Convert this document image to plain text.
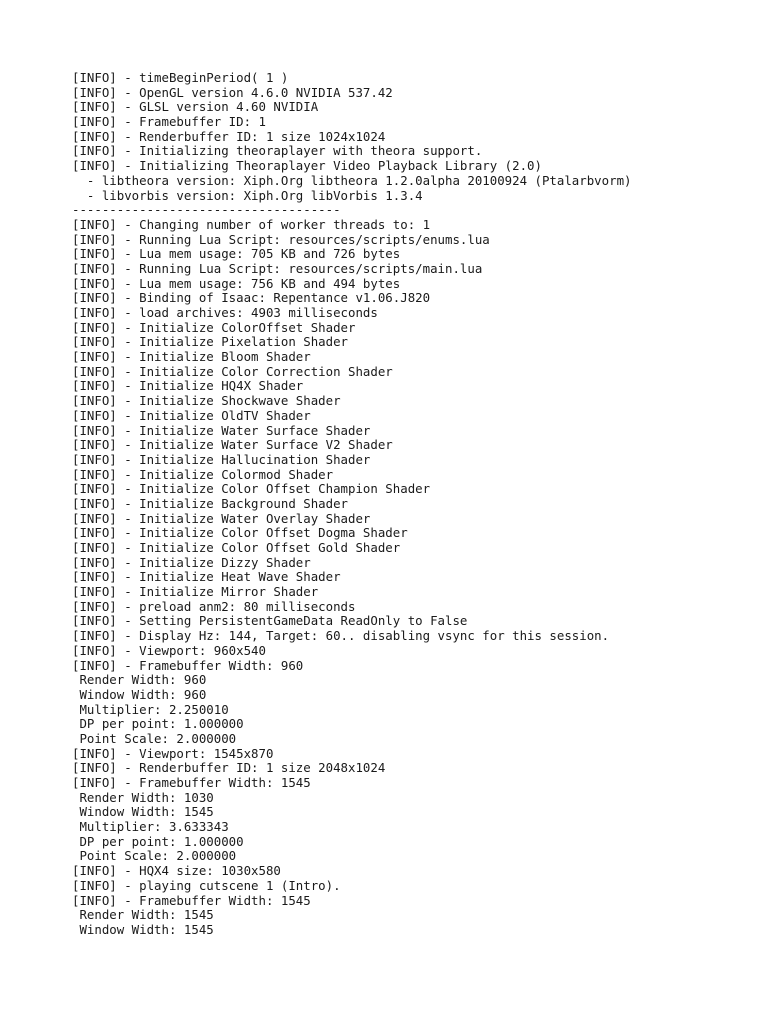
[INFO] - timeBeginPeriod( 1 )
[INFO] - OpenGL version 4.6.0 NVIDIA 537.42
[INFO] - GLSL version 4.60 NVIDIA
[INFO] - Framebuffer ID: 1
[INFO] - Renderbuffer ID: 1 size 1024x1024
[INFO] - Initializing theoraplayer with theora support.
[INFO] - Initializing Theoraplayer Video Playback Library (2.0)
- libtheora version: Xiph.Org libtheora 1.2.0alpha 20100924 (Ptalarbvorm)
- libvorbis version: Xiph.Org libVorbis 1.3.4
------------------------------------
[INFO] - Changing number of worker threads to: 1
[INFO] - Running Lua Script: resources/scripts/enums.lua
[INFO] - Lua mem usage: 705 KB and 726 bytes
[INFO] - Running Lua Script: resources/scripts/main.lua
[INFO] - Lua mem usage: 756 KB and 494 bytes
[INFO] - Binding of Isaac: Repentance v1.06.J820
[INFO] - load archives: 4903 milliseconds
[INFO] - Initialize ColorOffset Shader
[INFO] - Initialize Pixelation Shader
[INFO] - Initialize Bloom Shader
[INFO] - Initialize Color Correction Shader
[INFO] - Initialize HQ4X Shader
[INFO] - Initialize Shockwave Shader
[INFO] - Initialize OldTV Shader
[INFO] - Initialize Water Surface Shader
[INFO] - Initialize Water Surface V2 Shader
[INFO] - Initialize Hallucination Shader
[INFO] - Initialize Colormod Shader
[INFO] - Initialize Color Offset Champion Shader
[INFO] - Initialize Background Shader
[INFO] - Initialize Water Overlay Shader
[INFO] - Initialize Color Offset Dogma Shader
[INFO] - Initialize Color Offset Gold Shader
[INFO] - Initialize Dizzy Shader
[INFO] - Initialize Heat Wave Shader
[INFO] - Initialize Mirror Shader
[INFO] - preload anm2: 80 milliseconds
[INFO] - Setting PersistentGameData ReadOnly to False
[INFO] - Display Hz: 144, Target: 60.. disabling vsync for this session.
[INFO] - Viewport: 960x540
[INFO] - Framebuffer Width: 960
Render Width: 960
Window Width: 960
Multiplier: 2.250010
DP per point: 1.000000
Point Scale: 2.000000
[INFO] - Viewport: 1545x870
[INFO] - Renderbuffer ID: 1 size 2048x1024
[INFO] - Framebuffer Width: 1545
Render Width: 1030
Window Width: 1545
Multiplier: 3.633343
DP per point: 1.000000
Point Scale: 2.000000
[INFO] - HQX4 size: 1030x580
[INFO] - playing cutscene 1 (Intro).
[INFO] - Framebuffer Width: 1545
Render Width: 1545
Window Width: 1545
